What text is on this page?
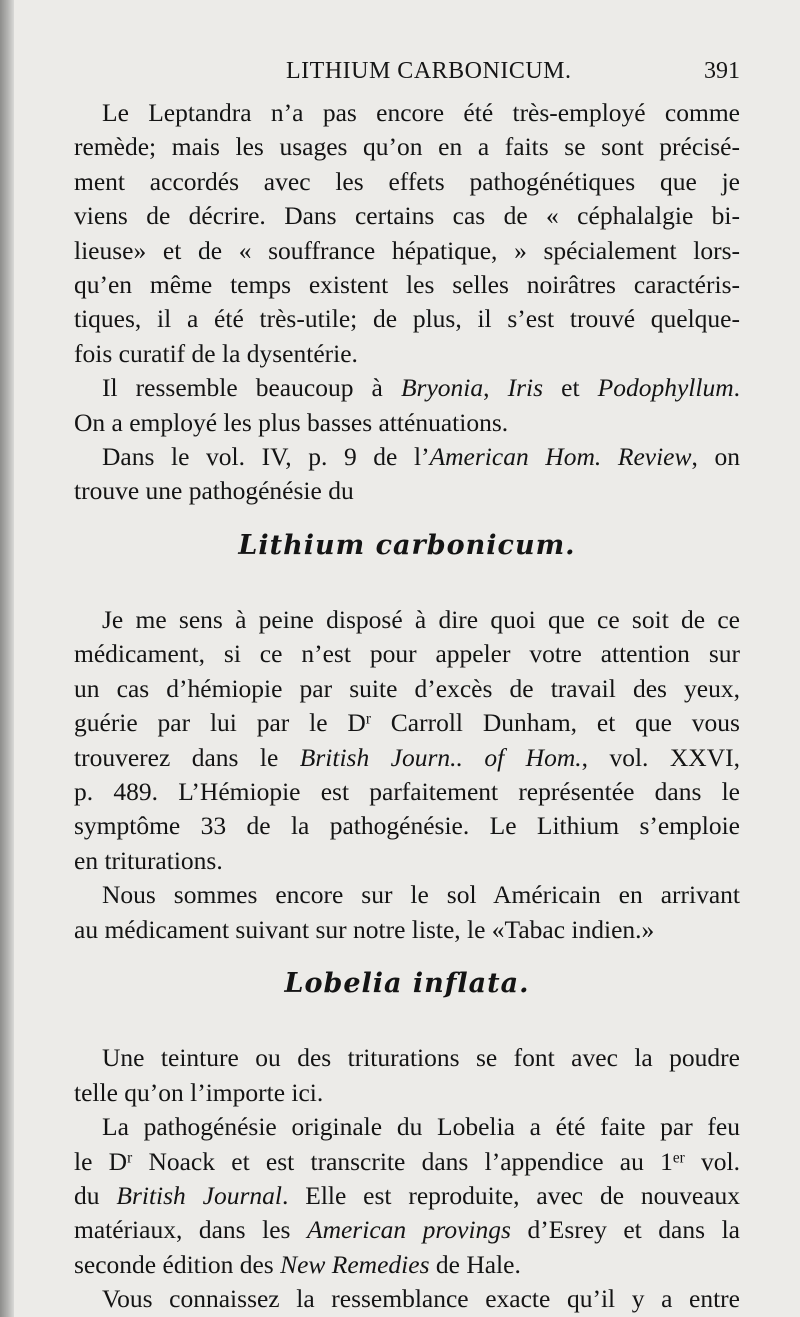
LITHIUM CARBONICUM.	391
Le Leptandra n’a pas encore été très-employé comme
remède; mais les usages qu’on en a faits se sont précisé-
ment accordés avec les effets pathogénétiques que je
viens de décrire. Dans certains cas de « céphalalgie bi-
lieuse» et de « souffrance hépatique, » spécialement lors-
qu’en même temps existent les selles noirâtres caractéris-
tiques, il a été très-utile; de plus, il s’est trouvé quelque-
fois curatif de la dysentérie.
Il ressemble beaucoup à Bryonia, Iris et Podophyllum.
On a employé les plus basses atténuations.
Dans le vol. IV, p. 9 de l’American Hom. Review, on
trouve une pathogénésie du
Lithium carbonicum.
Je me sens à peine disposé à dire quoi que ce soit de ce
médicament, si ce n’est pour appeler votre attention sur
un cas d’hémiopie par suite d’excès de travail des yeux,
guérie par lui par le $D^r$ Carroll Dunham, et que vous
trouverez dans le British Journ.. of Hom., vol. XXVI,
p. 489. L’Hémiopie est parfaitement représentée dans le
symptôme 33 de la pathogénésie. Le Lithium s’emploie
en triturations.
Nous sommes encore sur le sol Américain en arrivant
au médicament suivant sur notre liste, le «Tabac indien.»
Lobelia inflata.
Une teinture ou des triturations se font avec la poudre
telle qu’on l’importe ici.
La pathogénésie originale du Lobelia a été faite par feu
le $D^r$ Noack et est transcrite dans l’appendice au 1er vol.
du British Journal. Elle est reproduite, avec de nouveaux
matériaux, dans les American provings d’Esrey et dans la
seconde édition des New Remedies de Hale.
Vous connaissez la ressemblance exacte qu’il y a entre
